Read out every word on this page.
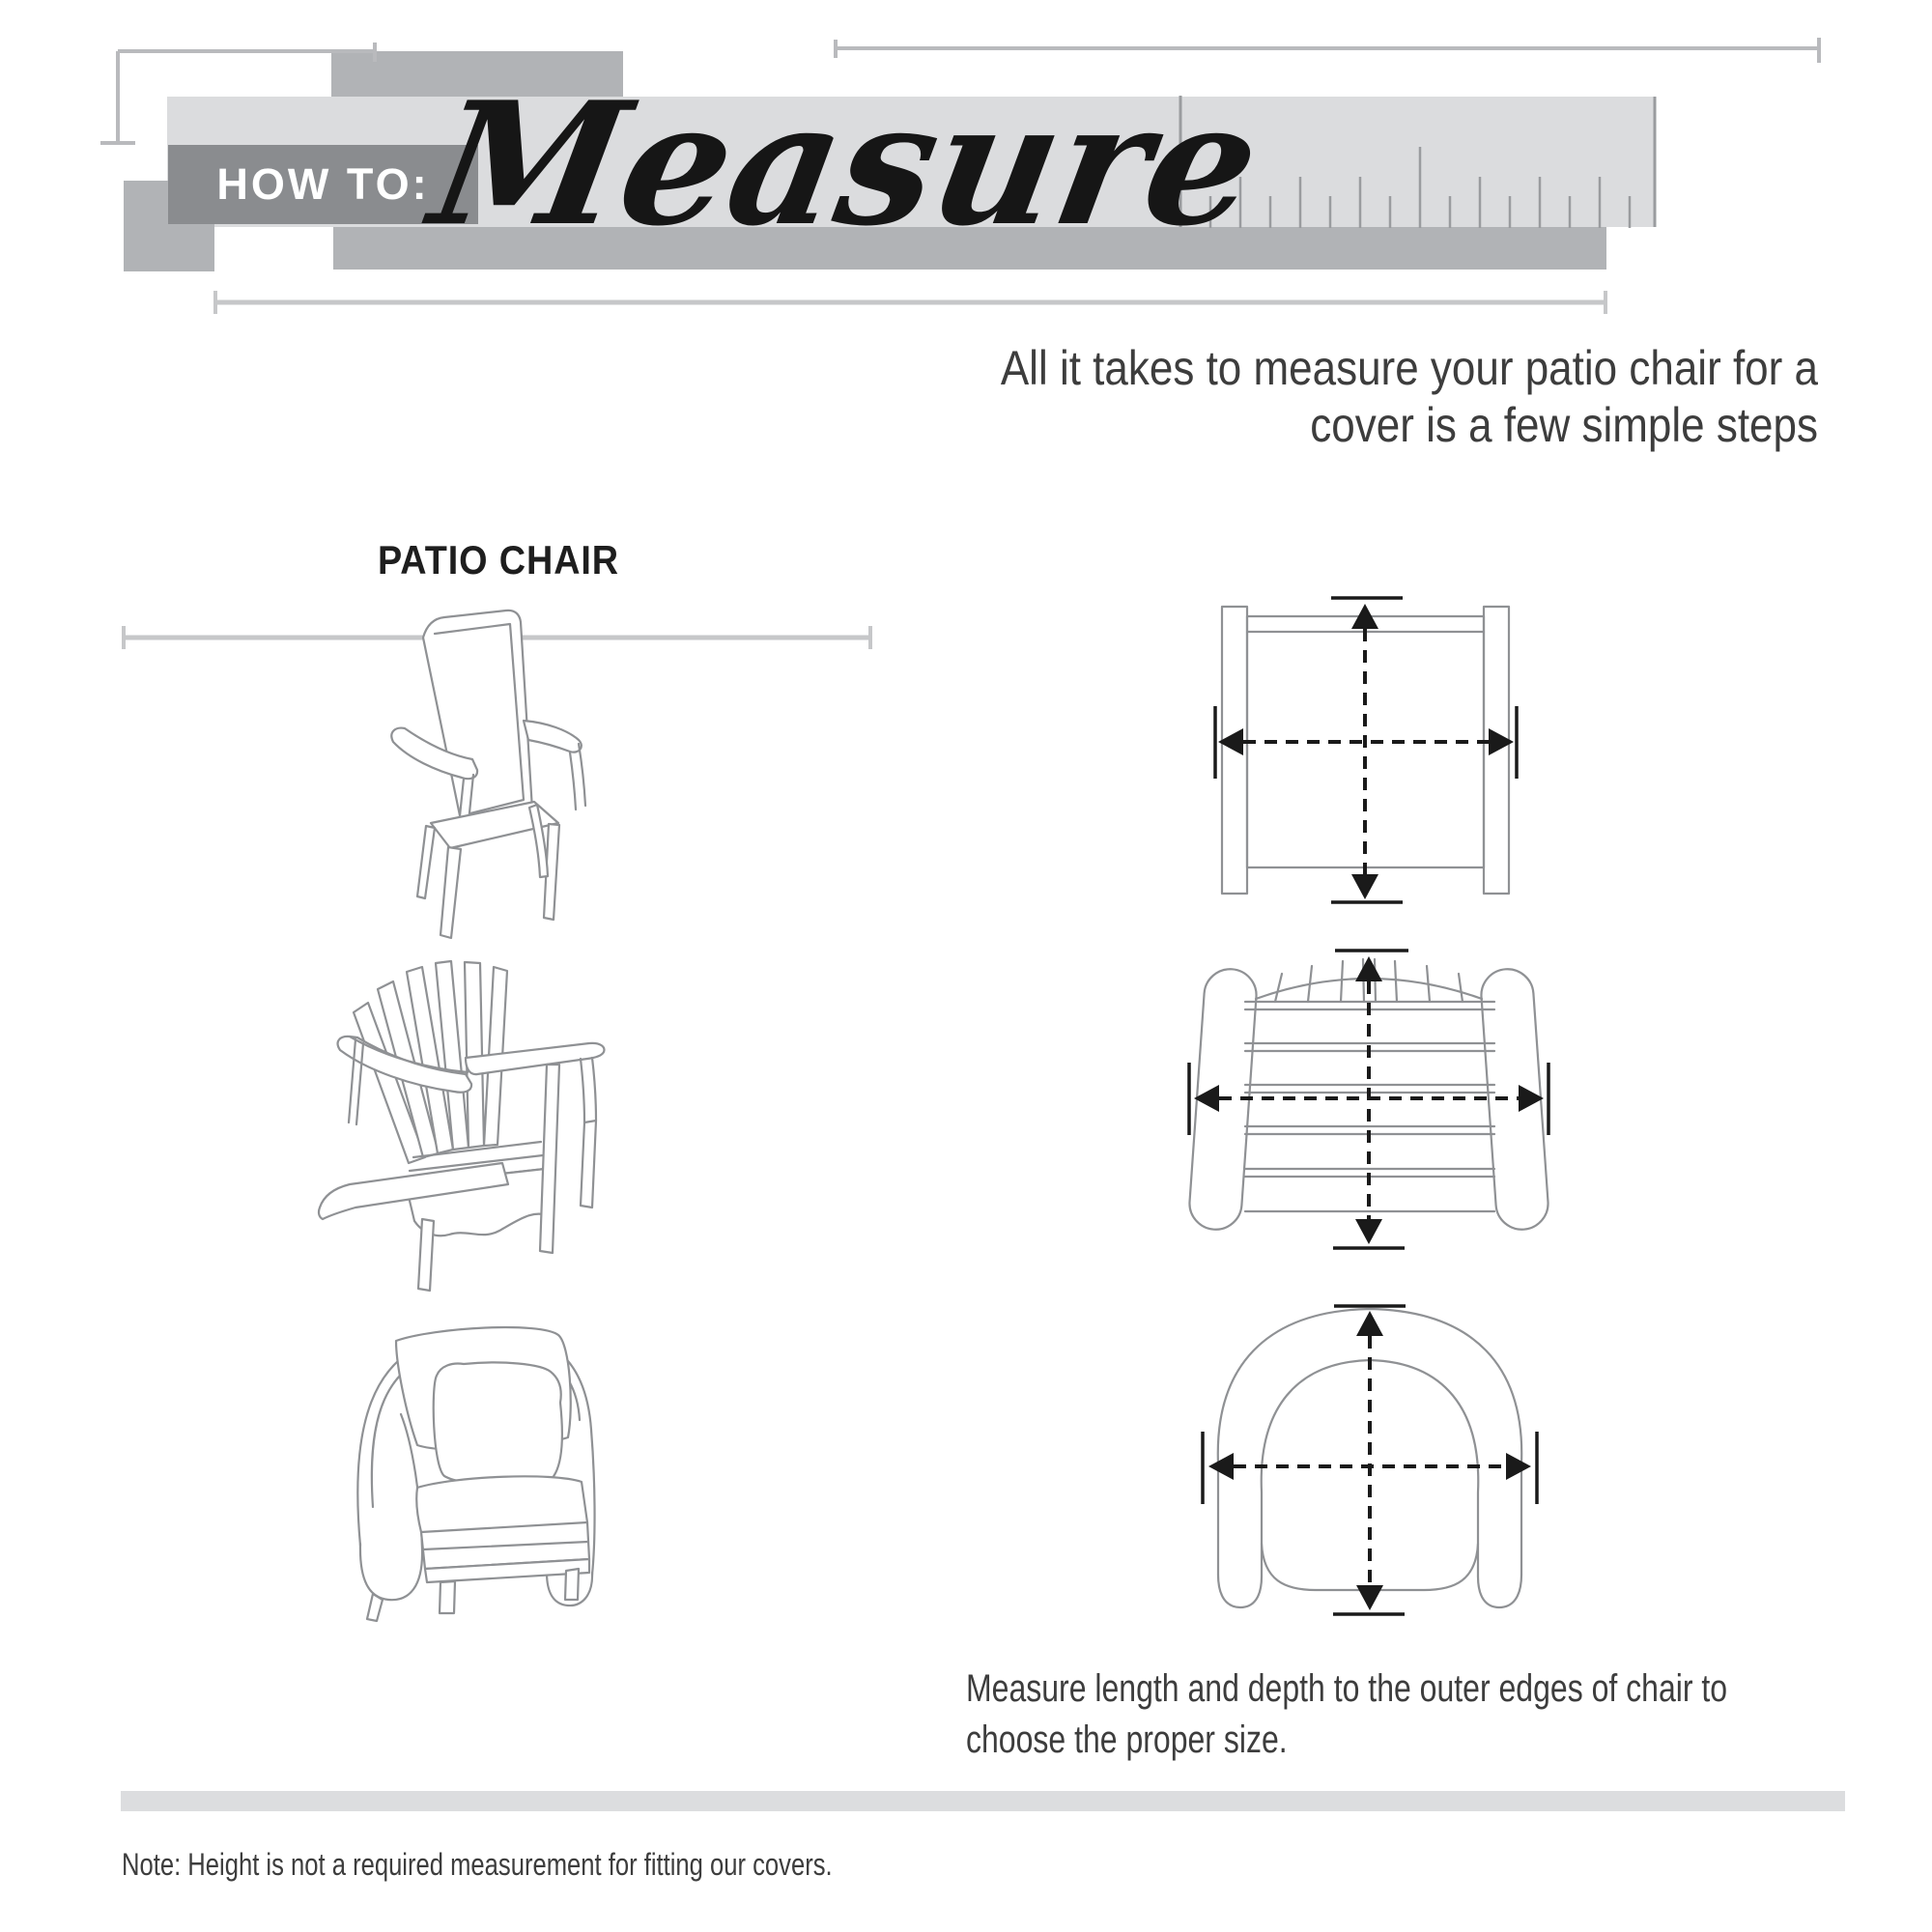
HOW TO:
Measure
All it takes to measure your patio chair for a
cover is a few simple steps
PATIO CHAIR
Measure length and depth to the outer edges of chair to
choose the proper size.
Note: Height is not a required measurement for fitting our covers.
